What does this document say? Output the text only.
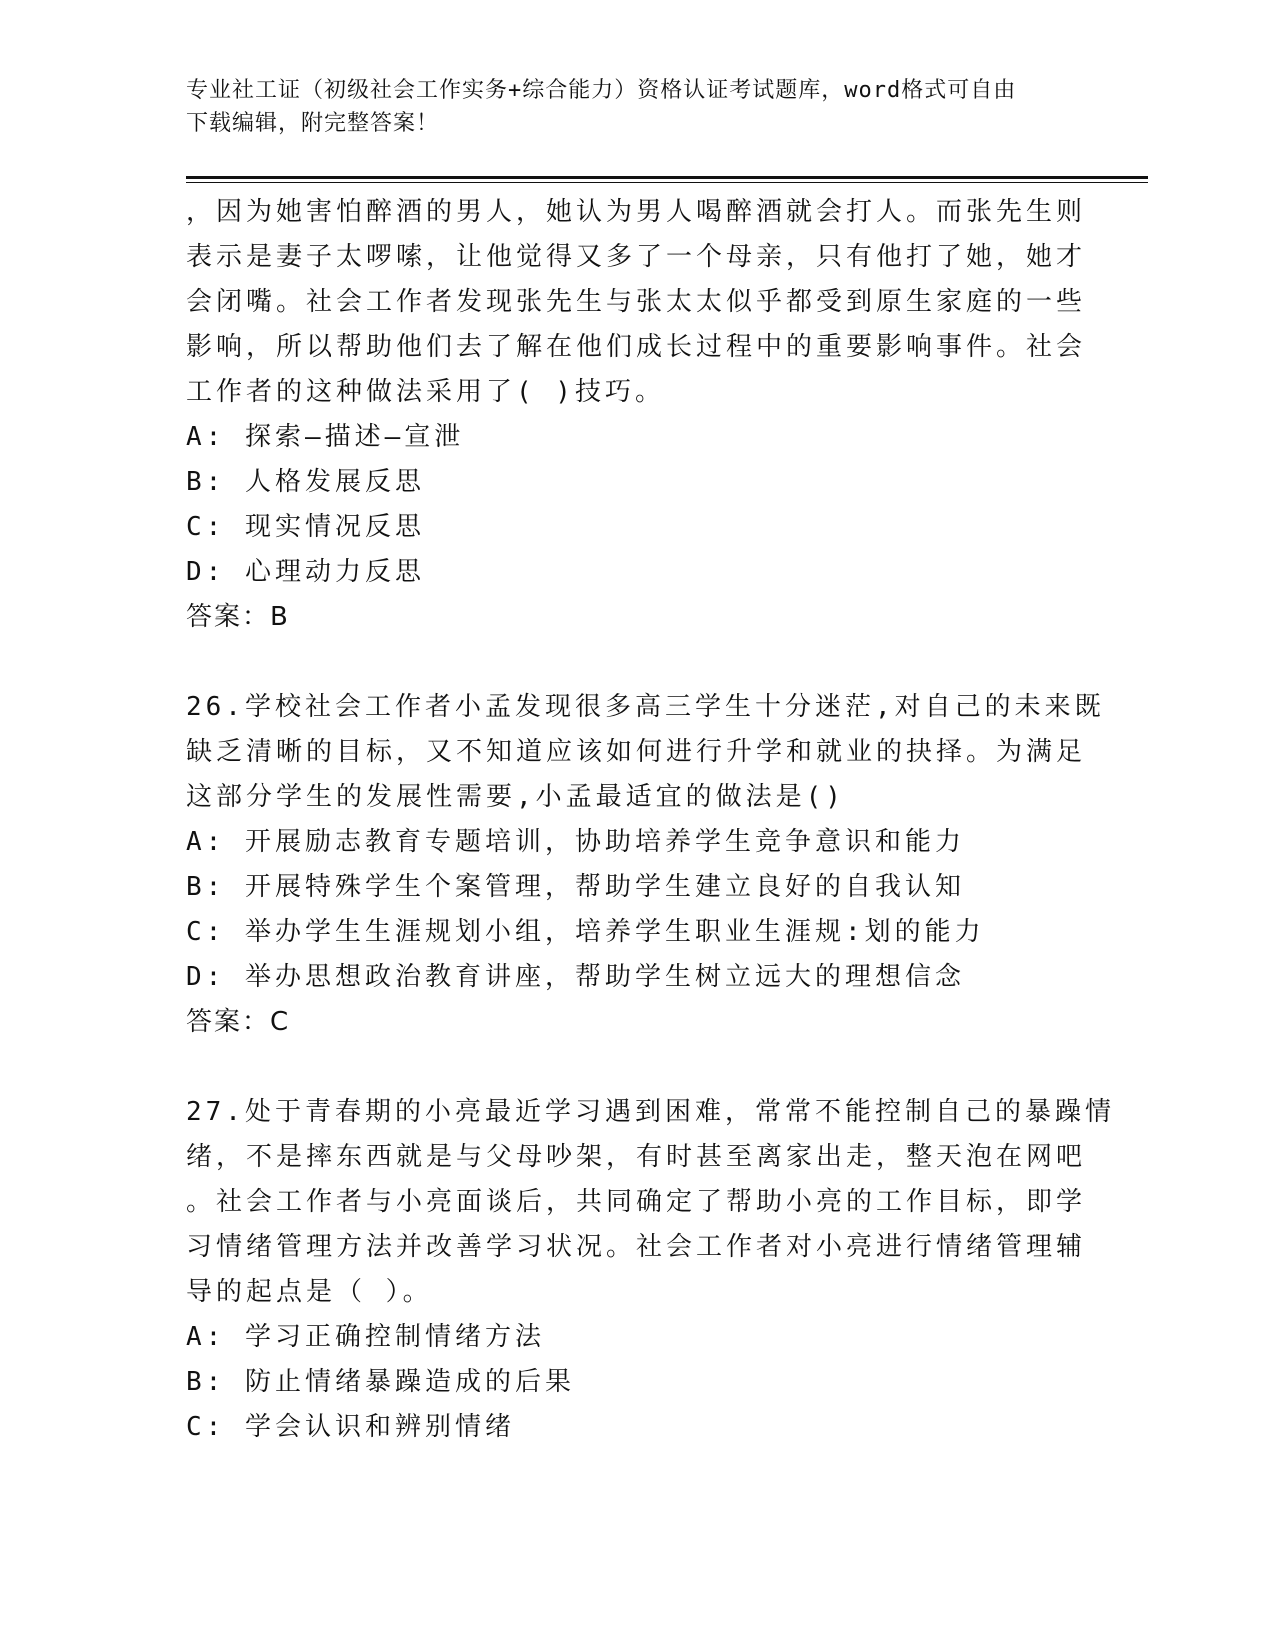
专业社工证（初级社会工作实务+综合能力）资格认证考试题库，word格式可自由
下载编辑，附完整答案！
，因为她害怕醉酒的男人，她认为男人喝醉酒就会打人。而张先生则
表示是妻子太啰嗦，让他觉得又多了一个母亲，只有他打了她，她才
会闭嘴。社会工作者发现张先生与张太太似乎都受到原生家庭的一些
影响，所以帮助他们去了解在他们成长过程中的重要影响事件。社会
工作者的这种做法采用了( )技巧。
A: 探索—描述—宣泄
B: 人格发展反思
C: 现实情况反思
D: 心理动力反思
答案：B
26.学校社会工作者小孟发现很多高三学生十分迷茫,对自己的未来既
缺乏清晰的目标，又不知道应该如何进行升学和就业的抉择。为满足
这部分学生的发展性需要,小孟最适宜的做法是()
A: 开展励志教育专题培训，协助培养学生竞争意识和能力
B: 开展特殊学生个案管理，帮助学生建立良好的自我认知
C: 举办学生生涯规划小组，培养学生职业生涯规:划的能力
D: 举办思想政治教育讲座，帮助学生树立远大的理想信念
答案：C
27.处于青春期的小亮最近学习遇到困难，常常不能控制自己的暴躁情
绪，不是摔东西就是与父母吵架，有时甚至离家出走，整天泡在网吧
。社会工作者与小亮面谈后，共同确定了帮助小亮的工作目标，即学
习情绪管理方法并改善学习状况。社会工作者对小亮进行情绪管理辅
导的起点是（ ）。
A: 学习正确控制情绪方法
B: 防止情绪暴躁造成的后果
C: 学会认识和辨别情绪
